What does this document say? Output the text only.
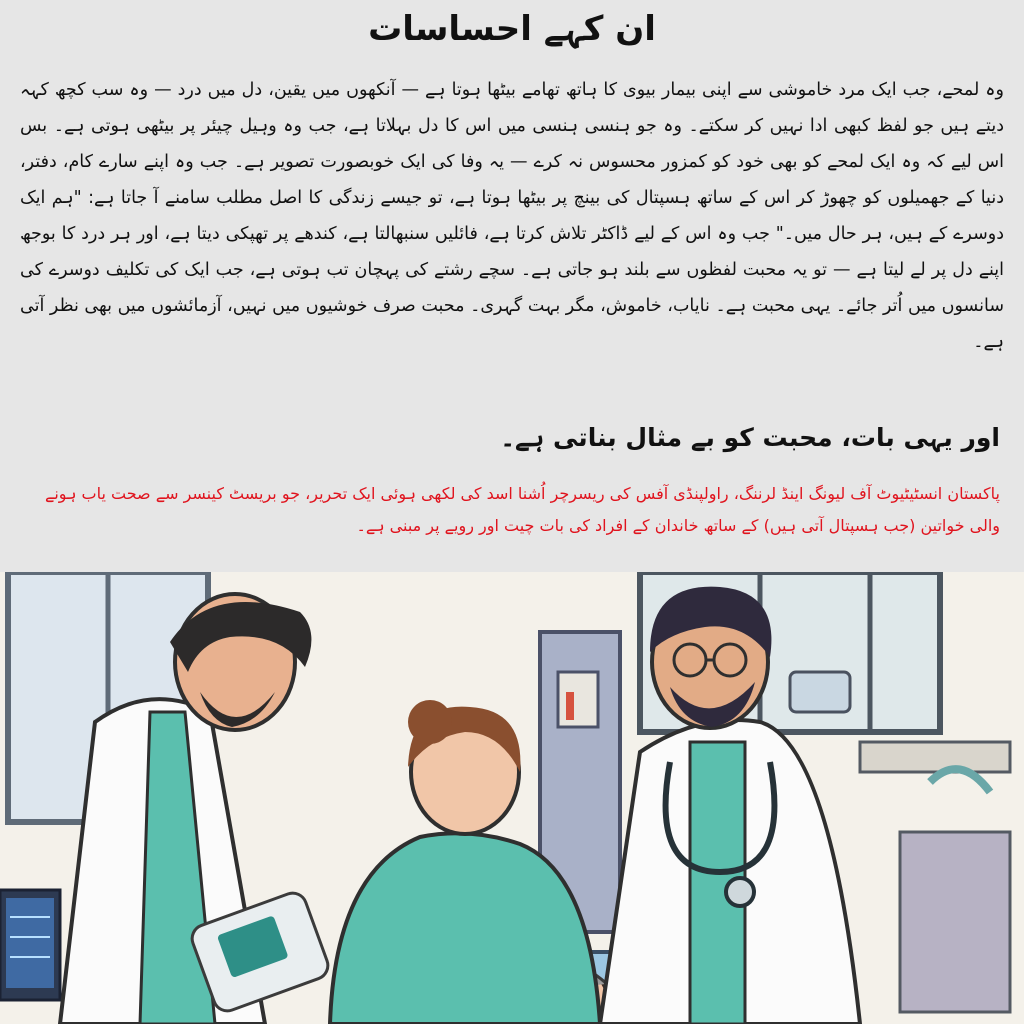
ان کہے احساسات

وہ لمحے، جب ایک مرد خاموشی سے اپنی بیمار بیوی کا ہاتھ تھامے بیٹھا ہوتا ہے — آنکھوں میں یقین، دل میں درد — وہ سب کچھ کہہ دیتے ہیں جو لفظ کبھی ادا نہیں کر سکتے۔ وہ جو ہنسی ہنسی میں اس کا دل بہلاتا ہے، جب وہ وہیل چیئر پر بیٹھی ہوتی ہے۔ بس اس لیے کہ وہ ایک لمحے کو بھی خود کو کمزور محسوس نہ کرے — یہ وفا کی ایک خوبصورت تصویر ہے۔ جب وہ اپنے سارے کام، دفتر، دنیا کے جھمیلوں کو چھوڑ کر اس کے ساتھ ہسپتال کی بینچ پر بیٹھا ہوتا ہے، تو جیسے زندگی کا اصل مطلب سامنے آ جاتا ہے: "ہم ایک دوسرے کے ہیں، ہر حال میں۔" جب وہ اس کے لیے ڈاکٹر تلاش کرتا ہے، فائلیں سنبھالتا ہے، کندھے پر تھپکی دیتا ہے، اور ہر درد کا بوجھ اپنے دل پر لے لیتا ہے — تو یہ محبت لفظوں سے بلند ہو جاتی ہے۔ سچے رشتے کی پہچان تب ہوتی ہے، جب ایک کی تکلیف دوسرے کی سانسوں میں اُتر جائے۔ یہی محبت ہے۔ نایاب، خاموش، مگر بہت گہری۔ محبت صرف خوشیوں میں نہیں، آزمائشوں میں بھی نظر آتی ہے۔

اور یہی بات، محبت کو بے مثال بناتی ہے۔

پاکستان انسٹیٹیوٹ آف لیونگ اینڈ لرننگ، راولپنڈی آفس کی ریسرچر اُشنا اسد کی لکھی ہوئی ایک تحریر، جو بریسٹ کینسر سے صحت یاب ہونے والی خواتین (جب ہسپتال آتی ہیں) کے ساتھ خاندان کے افراد کی بات چیت اور رویے پر مبنی ہے۔
